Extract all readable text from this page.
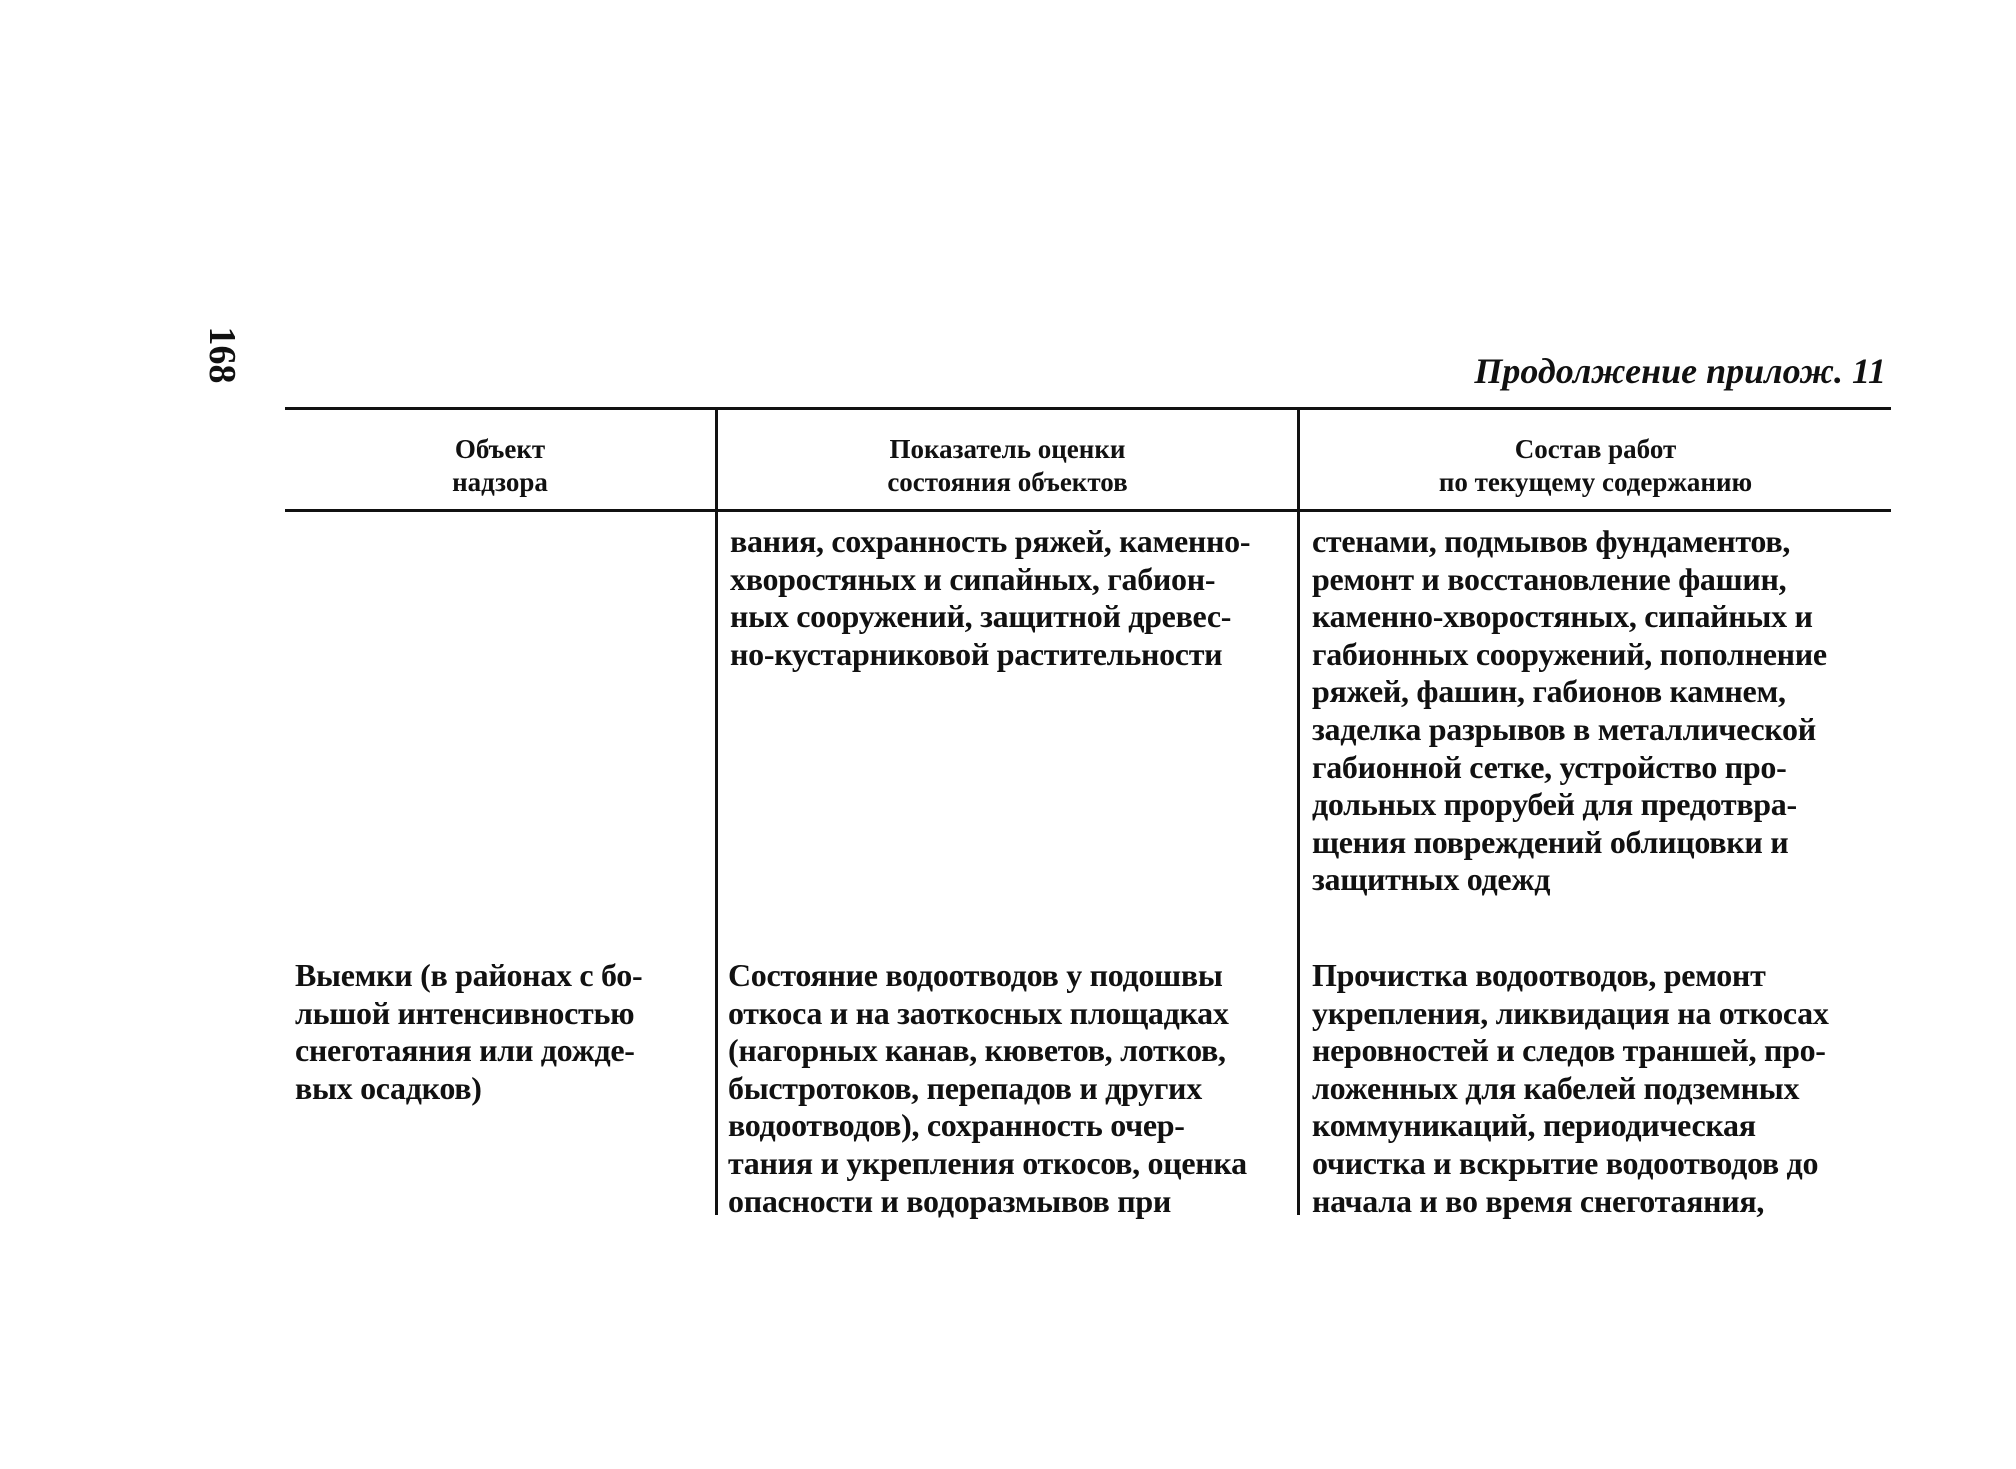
168	Продолжение прилож. 11
Объект
надзора
Показатель оценки
состояния объектов
Состав работ
по текущему содержанию
вания, сохранность ряжей, каменно-
хворостяных и сипайных, габион-
ных сооружений, защитной древес-
но-кустарниковой растительности
стенами, подмывов фундаментов,
ремонт и восстановление фашин,
каменно-хворостяных, сипайных и
габионных сооружений, пополнение
ряжей, фашин, габионов камнем,
заделка разрывов в металлической
габионной сетке, устройство про-
дольных прорубей для предотвра-
щения повреждений облицовки и
защитных одежд
Выемки (в районах с бо-
льшой интенсивностью
снеготаяния или дожде-
вых осадков)
Состояние водоотводов у подошвы
откоса и на заоткосных площадках
(нагорных канав, кюветов, лотков,
быстротоков, перепадов и других
водоотводов), сохранность очер-
тания и укрепления откосов, оценка
опасности и водоразмывов при
Прочистка водоотводов, ремонт
укрепления, ликвидация на откосах
неровностей и следов траншей, про-
ложенных для кабелей подземных
коммуникаций, периодическая
очистка и вскрытие водоотводов до
начала и во время снеготаяния,
